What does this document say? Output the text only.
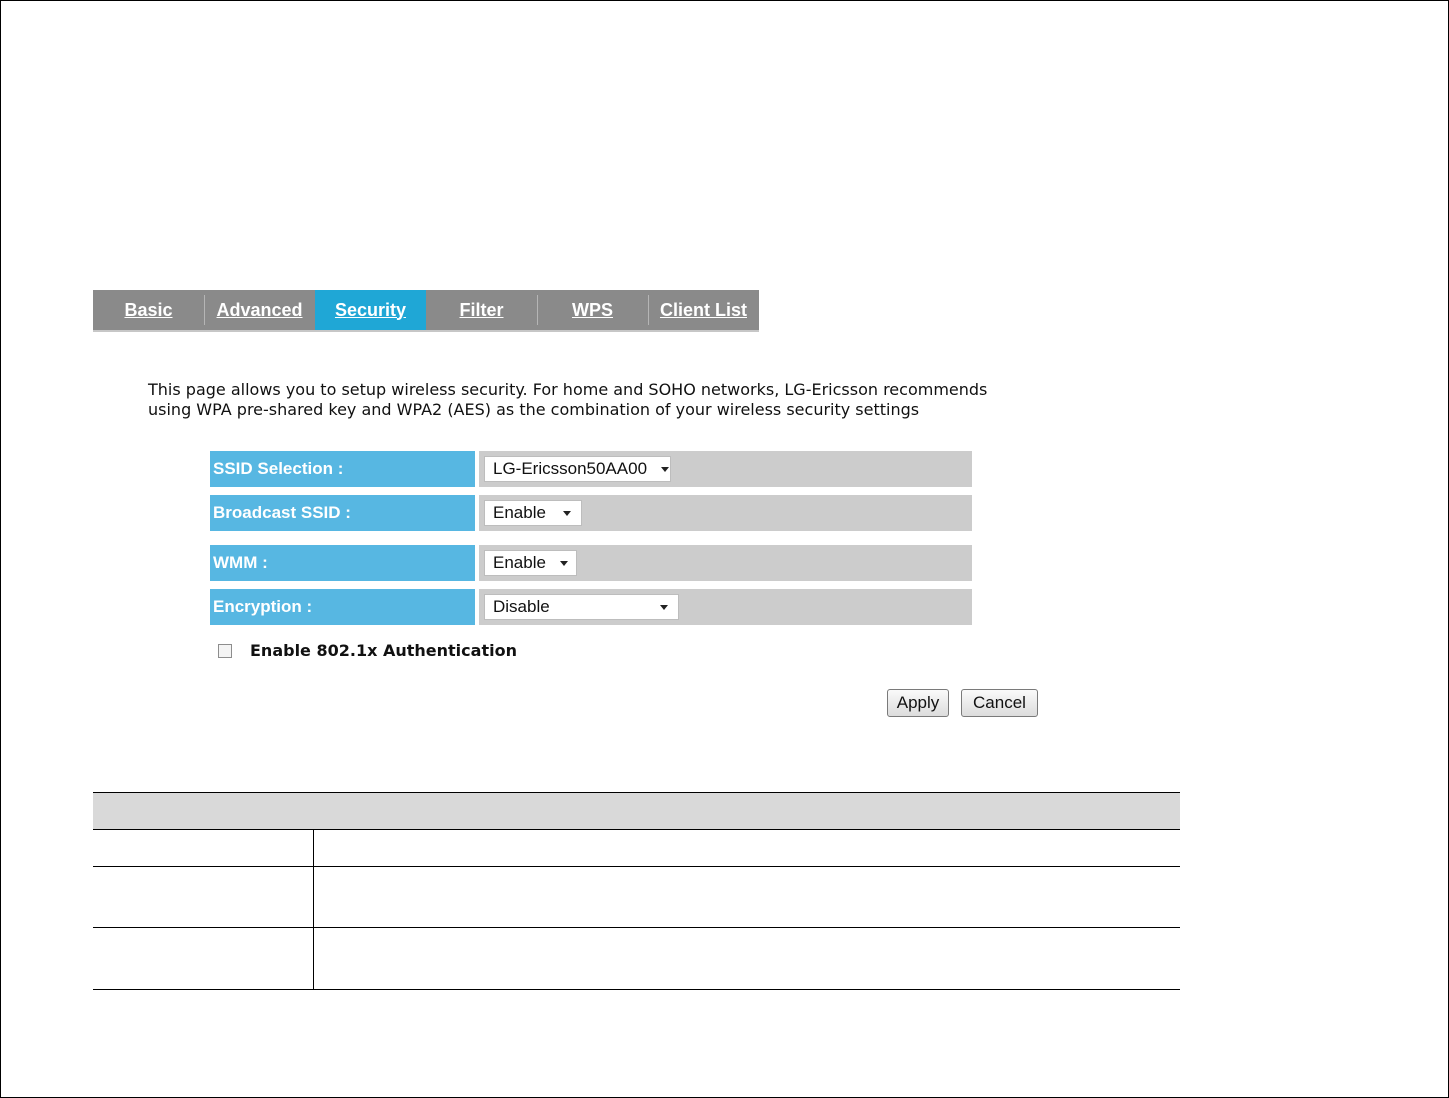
Basic	Advanced	Security	Filter	WPS	Client List
This page allows you to setup wireless security. For home and SOHO networks, LG-Ericsson recommends
using WPA pre-shared key and WPA2 (AES) as the combination of your wireless security settings
SSID Selection :	LG-Ericsson50AA00
Broadcast SSID :	Enable
WMM :	Enable
Encryption :	Disable
Enable 802.1x Authentication
Apply	Cancel
